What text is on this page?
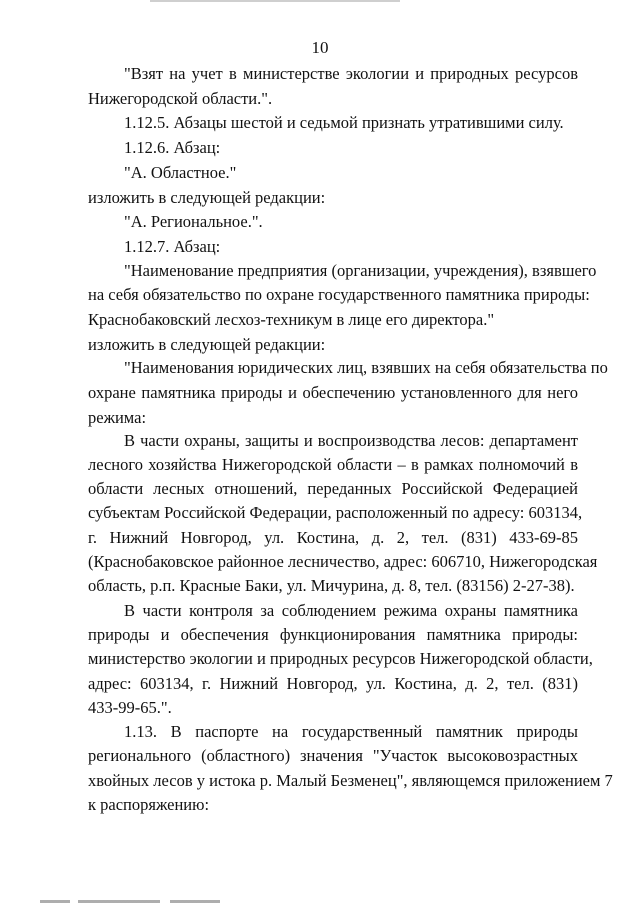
10
"Взят на учет в министерстве экологии и природных ресурсов
Нижегородской области.".
1.12.5. Абзацы шестой и седьмой признать утратившими силу.
1.12.6. Абзац:
"А. Областное."
изложить в следующей редакции:
"А. Региональное.".
1.12.7. Абзац:
"Наименование предприятия (организации, учреждения), взявшего
на себя обязательство по охране государственного памятника природы:
Краснобаковский лесхоз-техникум в лице его директора."
изложить в следующей редакции:
"Наименования юридических лиц, взявших на себя обязательства по
охране памятника природы и обеспечению установленного для него
режима:
В части охраны, защиты и воспроизводства лесов: департамент
лесного хозяйства Нижегородской области – в рамках полномочий в
области лесных отношений, переданных Российской Федерацией
субъектам Российской Федерации, расположенный по адресу: 603134,
г. Нижний Новгород, ул. Костина, д. 2, тел. (831) 433-69-85
(Краснобаковское районное лесничество, адрес: 606710, Нижегородская
область, р.п. Красные Баки, ул. Мичурина, д. 8, тел. (83156) 2-27-38).
В части контроля за соблюдением режима охраны памятника
природы и обеспечения функционирования памятника природы:
министерство экологии и природных ресурсов Нижегородской области,
адрес: 603134, г. Нижний Новгород, ул. Костина, д. 2, тел. (831)
433-99-65.".
1.13. В паспорте на государственный памятник природы
регионального (областного) значения "Участок высоковозрастных
хвойных лесов у истока р. Малый Безменец", являющемся приложением 7
к распоряжению:
